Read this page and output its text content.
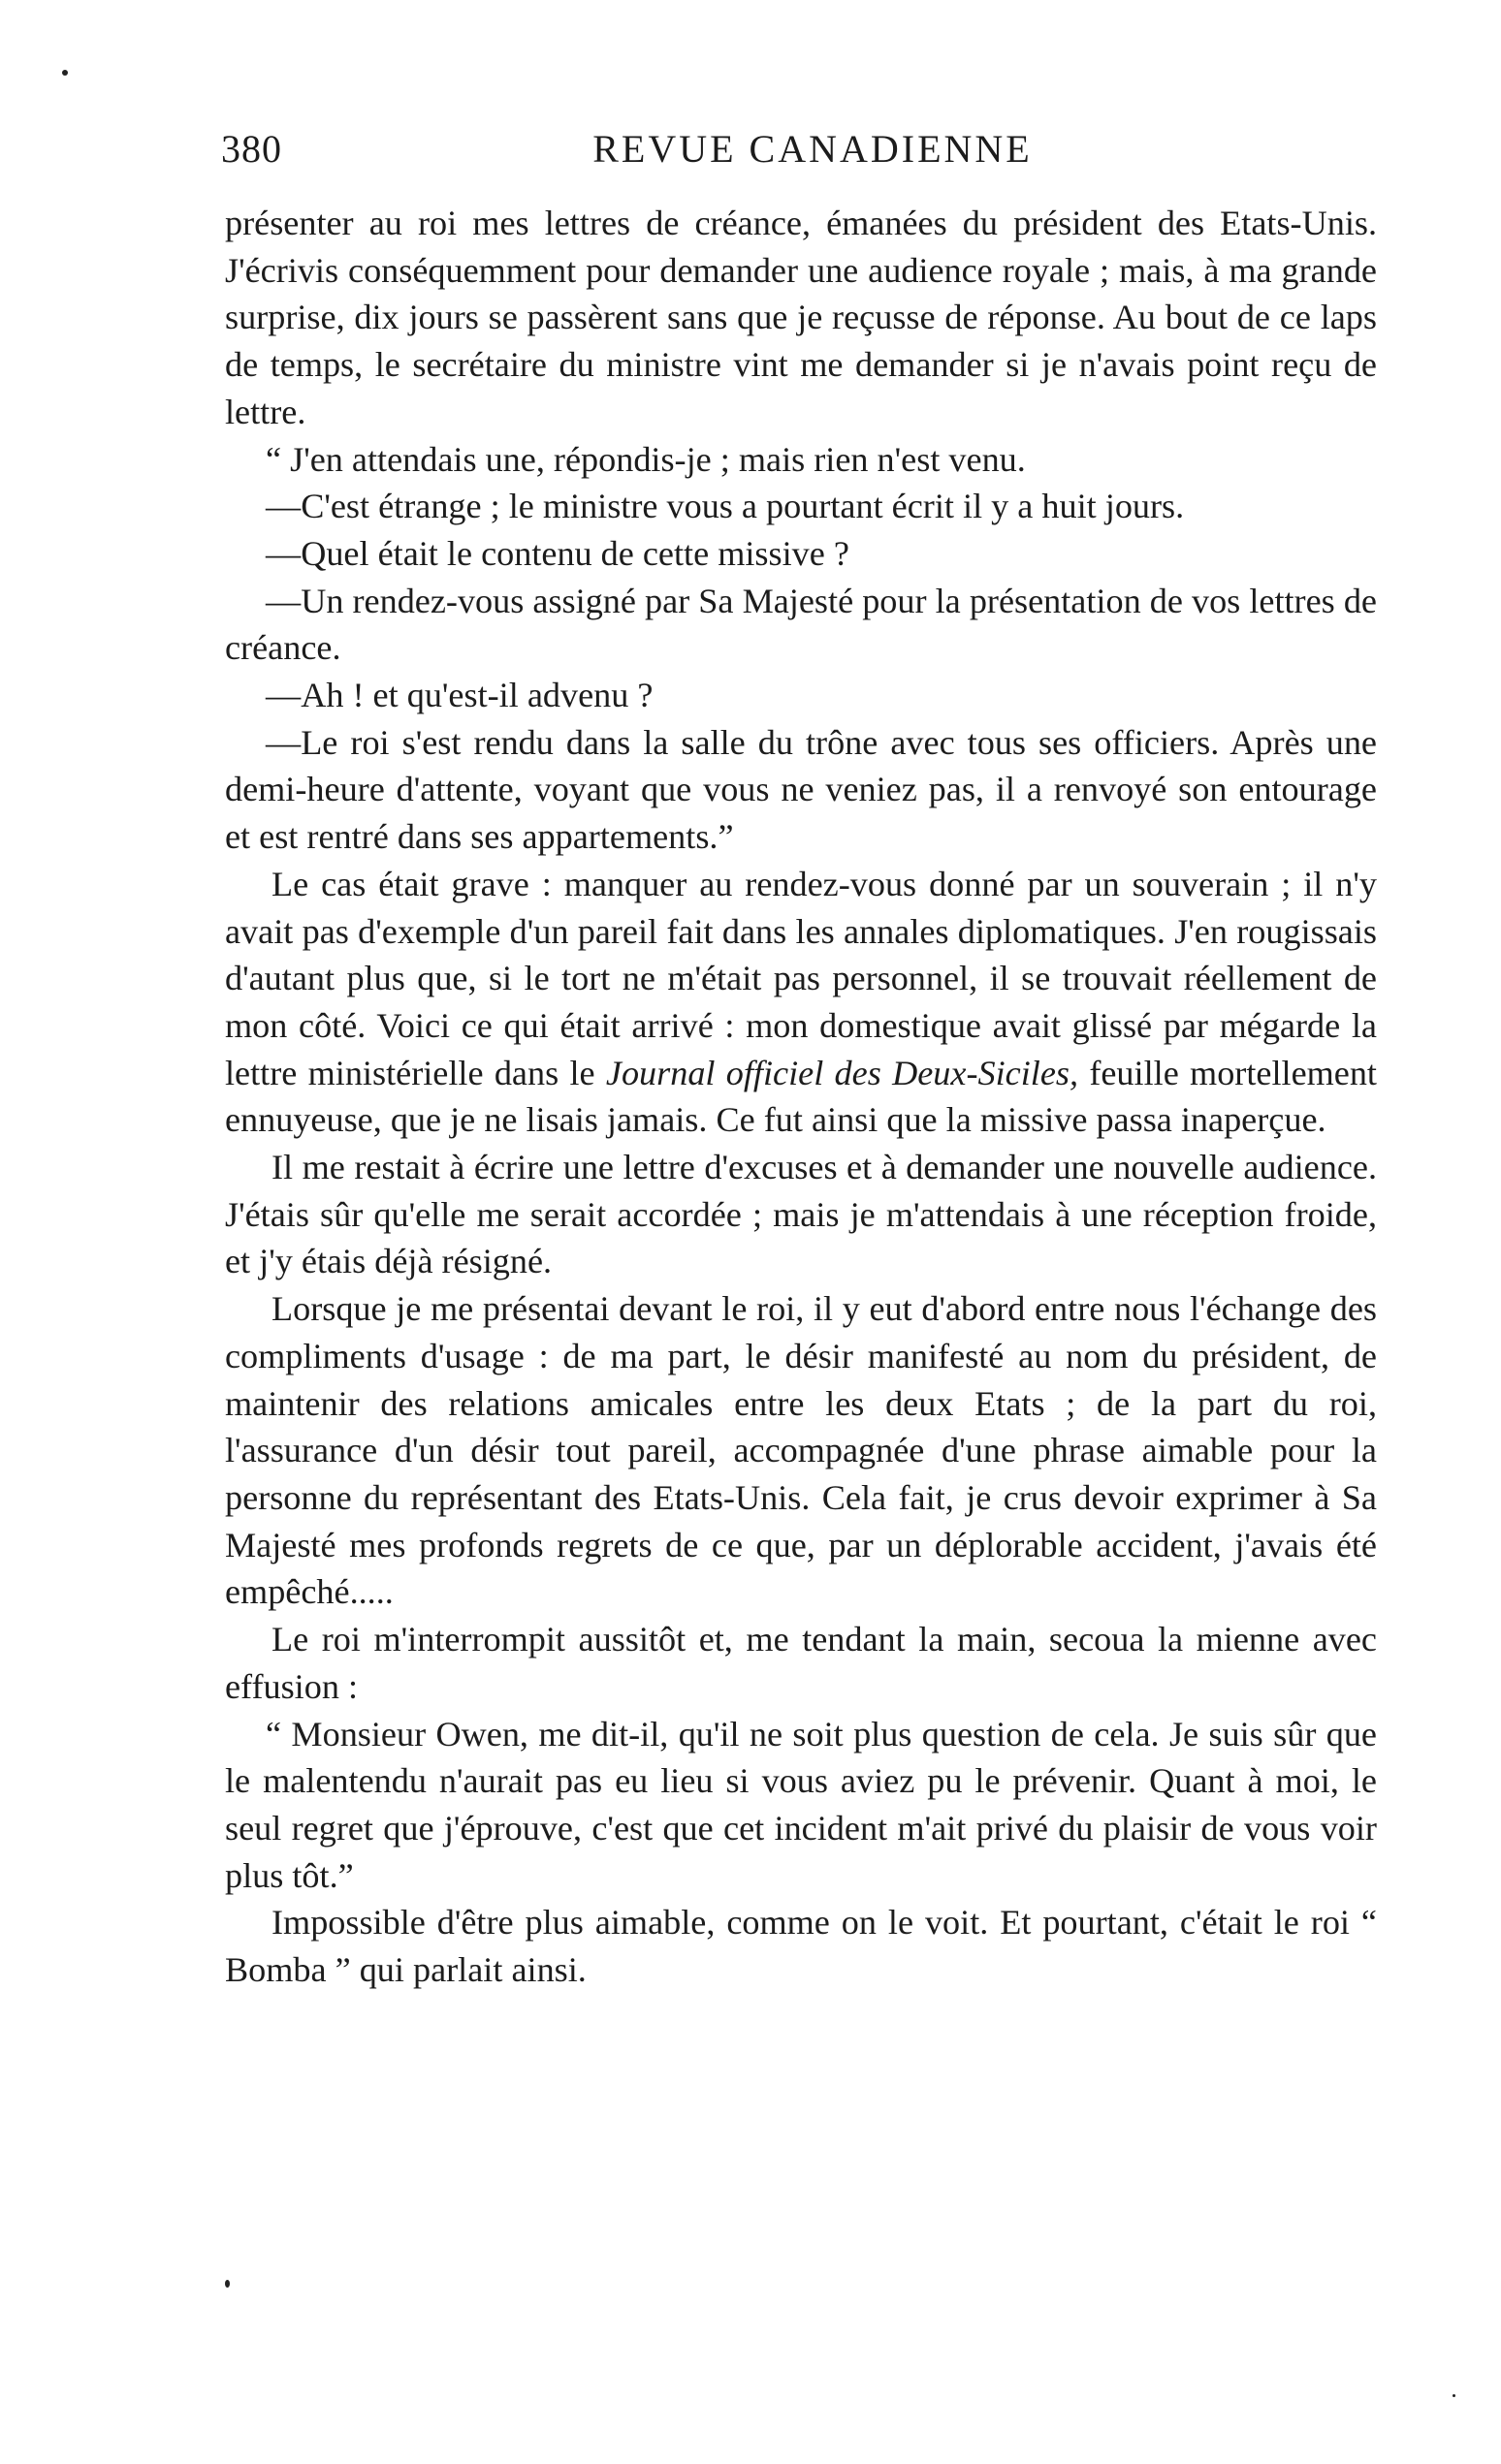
380	REVUE CANADIENNE

présenter au roi mes lettres de créance, émanées du président des Etats-Unis. J'écrivis conséquemment pour demander une audience royale ; mais, à ma grande surprise, dix jours se passèrent sans que je reçusse de réponse. Au bout de ce laps de temps, le secrétaire du ministre vint me demander si je n'avais point reçu de lettre.

“ J'en attendais une, répondis-je ; mais rien n'est venu.

—C'est étrange ; le ministre vous a pourtant écrit il y a huit jours.

—Quel était le contenu de cette missive ?

—Un rendez-vous assigné par Sa Majesté pour la présentation de vos lettres de créance.

—Ah ! et qu'est-il advenu ?

—Le roi s'est rendu dans la salle du trône avec tous ses officiers. Après une demi-heure d'attente, voyant que vous ne veniez pas, il a renvoyé son entourage et est rentré dans ses appartements.”

Le cas était grave : manquer au rendez-vous donné par un souverain ; il n'y avait pas d'exemple d'un pareil fait dans les annales diplomatiques. J'en rougissais d'autant plus que, si le tort ne m'était pas personnel, il se trouvait réellement de mon côté. Voici ce qui était arrivé : mon domestique avait glissé par mégarde la lettre ministérielle dans le Journal officiel des Deux-Siciles, feuille mortellement ennuyeuse, que je ne lisais jamais. Ce fut ainsi que la missive passa inaperçue.

Il me restait à écrire une lettre d'excuses et à demander une nouvelle audience. J'étais sûr qu'elle me serait accordée ; mais je m'attendais à une réception froide, et j'y étais déjà résigné.

Lorsque je me présentai devant le roi, il y eut d'abord entre nous l'échange des compliments d'usage : de ma part, le désir manifesté au nom du président, de maintenir des relations amicales entre les deux Etats ; de la part du roi, l'assurance d'un désir tout pareil, accompagnée d'une phrase aimable pour la personne du représentant des Etats-Unis. Cela fait, je crus devoir exprimer à Sa Majesté mes profonds regrets de ce que, par un déplorable accident, j'avais été empêché.....

Le roi m'interrompit aussitôt et, me tendant la main, secoua la mienne avec effusion :

“ Monsieur Owen, me dit-il, qu'il ne soit plus question de cela. Je suis sûr que le malentendu n'aurait pas eu lieu si vous aviez pu le prévenir. Quant à moi, le seul regret que j'éprouve, c'est que cet incident m'ait privé du plaisir de vous voir plus tôt.”

Impossible d'être plus aimable, comme on le voit. Et pourtant, c'était le roi “ Bomba ” qui parlait ainsi.
